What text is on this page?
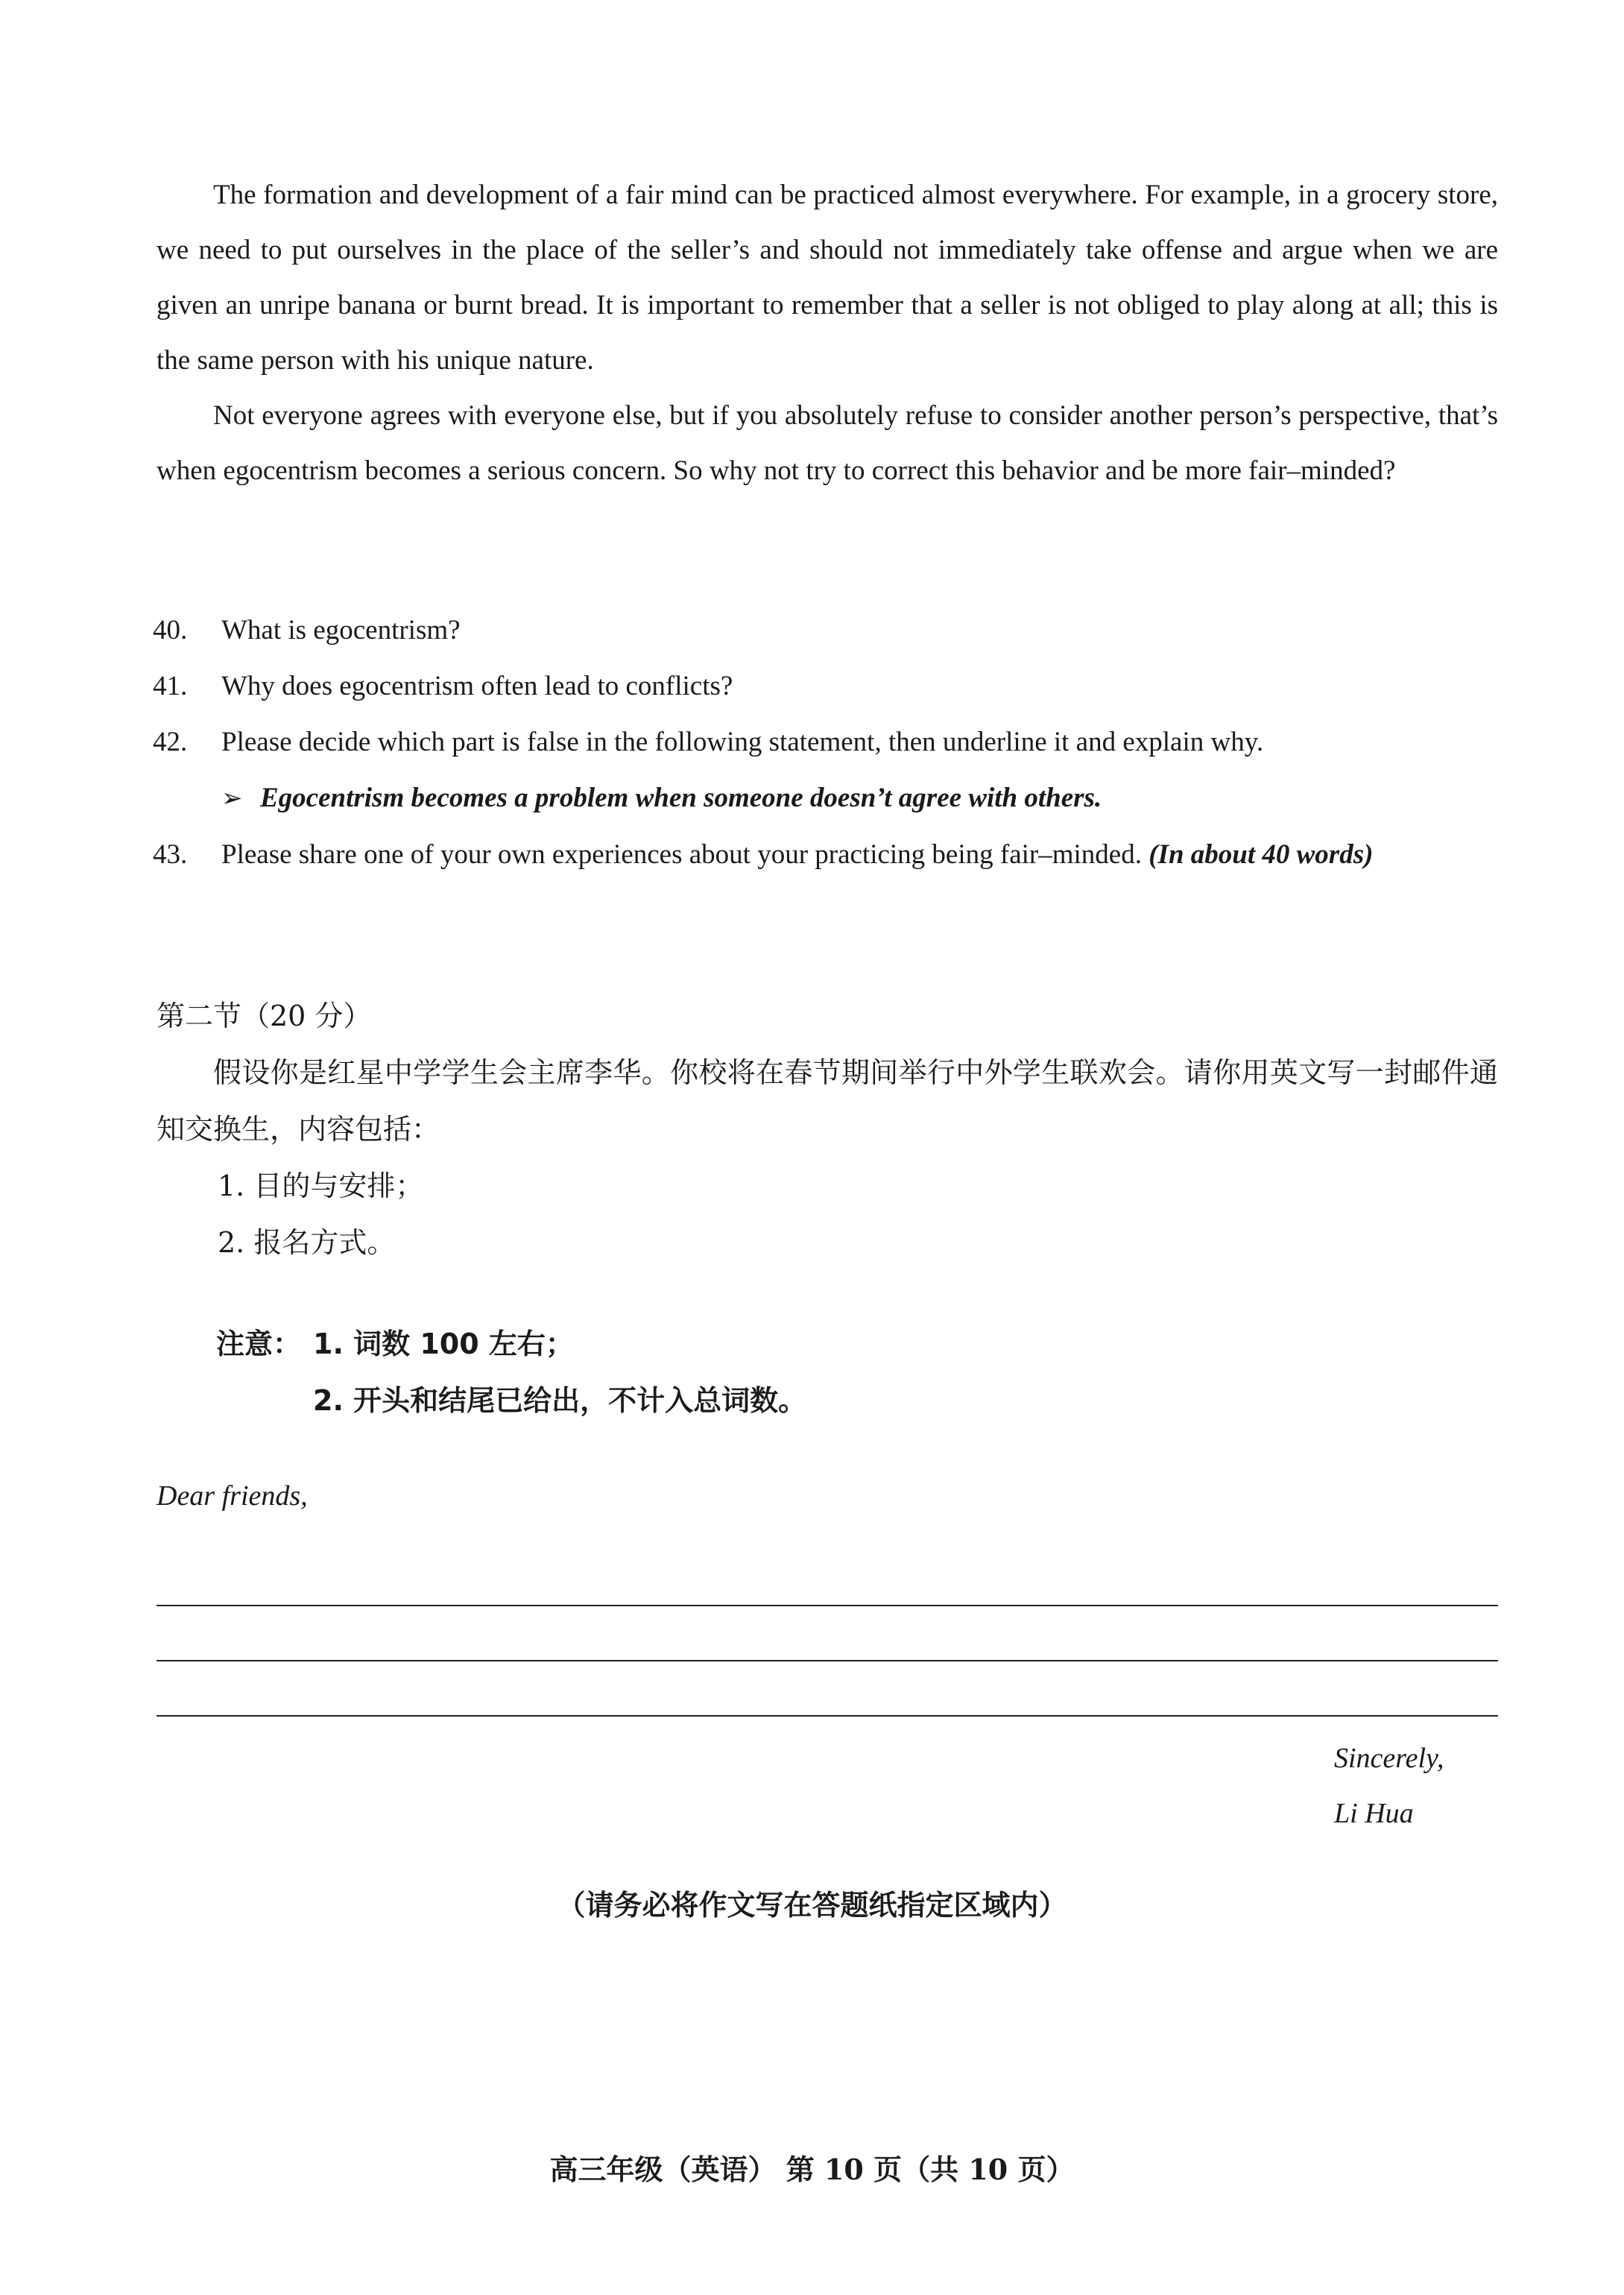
The formation and development of a fair mind can be practiced almost everywhere. For example, in a grocery store, we need to put ourselves in the place of the seller’s and should not immediately take offense and argue when we are given an unripe banana or burnt bread. It is important to remember that a seller is not obliged to play along at all; this is the same person with his unique nature.

Not everyone agrees with everyone else, but if you absolutely refuse to consider another person’s perspective, that’s when egocentrism becomes a serious concern. So why not try to correct this behavior and be more fair–minded?

40.	What is egocentrism?
41.	Why does egocentrism often lead to conflicts?
42.	Please decide which part is false in the following statement, then underline it and explain why.
➢ Egocentrism becomes a problem when someone doesn’t agree with others.
43.	Please share one of your own experiences about your practicing being fair–minded. (In about 40 words)
第二节（20 分）

假设你是红星中学学生会主席李华。你校将在春节期间举行中外学生联欢会。请你用英文写一封邮件通知交换生，内容包括：

1. 目的与安排；

2. 报名方式。

注意： 1. 词数 100 左右；
2. 开头和结尾已给出，不计入总词数。
Dear friends,
Sincerely,
Li Hua
（请务必将作文写在答题纸指定区域内）
高三年级（英语） 第 10 页（共 10 页）
